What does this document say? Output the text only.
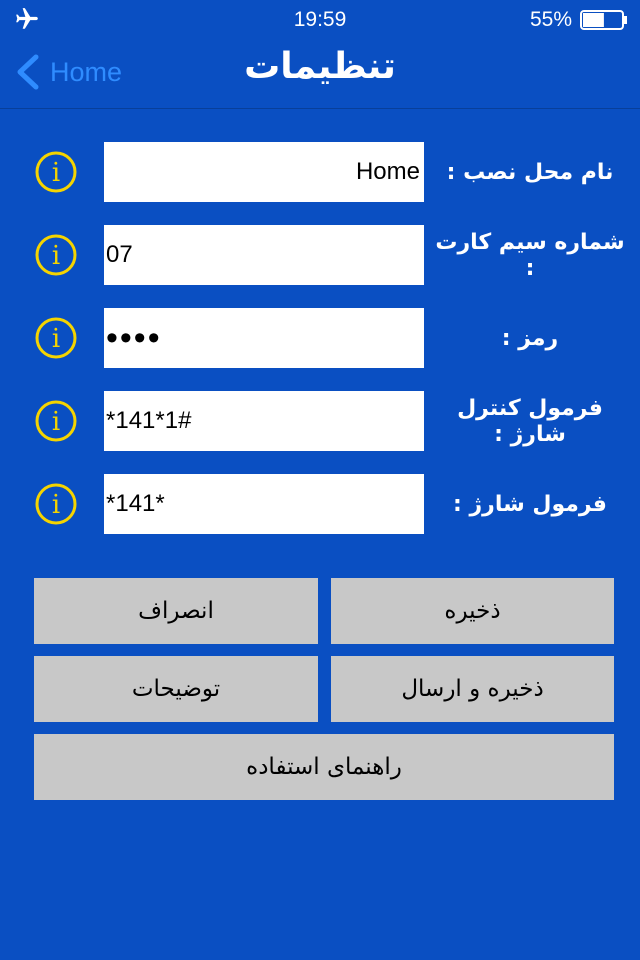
19:59	55%
Home	تنظیمات
i
Home	نام محل نصب :
i
07	شماره سیم کارت :
i
••••	رمز :
i
*141*1#	فرمول کنترل شارژ :
i
*141*	فرمول شارژ :
ذخیره
انصراف
ذخیره و ارسال
توضیحات
راهنمای استفاده
